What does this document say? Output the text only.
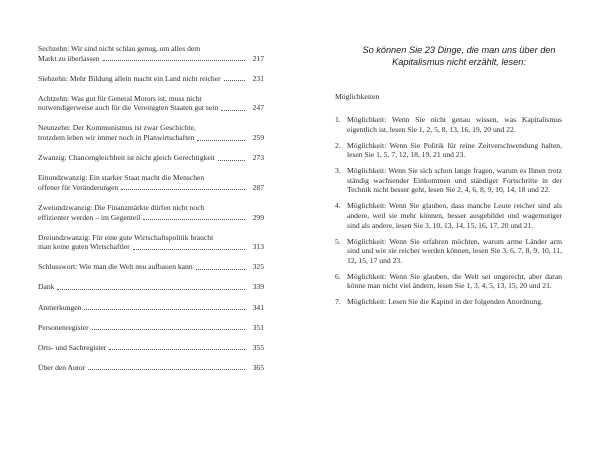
Sechzehn: Wir sind nicht schlau genug, um alles dem
Markt zu überlassen	217
Siebzehn: Mehr Bildung allein macht ein Land nicht reicher	231
Achtzehn: Was gut für General Motors ist, muss nicht
notwendigerweise auch für die Vereinigten Staaten gut sein	247
Neunzehn: Der Kommunismus ist zwar Geschichte,
trotzdem leben wir immer noch in Planwirtschaften	259
Zwanzig: Chancengleichheit ist nicht gleich Gerechtigkeit	273
Einundzwanzig: Ein starker Staat macht die Menschen
offener für Veränderungen	287
Zweiundzwanzig: Die Finanzmärkte dürfen nicht noch
effizienter werden – im Gegenteil	299
Dreiundzwanzig: Für eine gute Wirtschaftspolitik braucht
man keine guten Wirtschaftler	313
Schlusswort: Wie man die Welt neu aufbauen kann	325
Dank	339
Anmerkungen	341
Personenregister	351
Orts- und Sachregister	355
Über den Autor	365
So können Sie 23 Dinge, die man uns über den
Kapitalismus nicht erzählt, lesen:
Möglichkeiten
1. Möglichkeit: Wenn Sie nicht genau wissen, was Kapitalismus eigentlich ist, lesen Sie 1, 2, 5, 8, 13, 16, 19, 20 und 22.
2. Möglichkeit: Wenn Sie Politik für reine Zeitverschwendung halten, lesen Sie 1, 5, 7, 12, 18, 19, 21 und 23.
3. Möglichkeit: Wenn Sie sich schon lange fragen, warum es Ihnen trotz ständig wachsender Einkommen und ständiger Fortschritte in der Technik nicht besser geht, lesen Sie 2, 4, 6, 8, 9, 10, 14, 18 und 22.
4. Möglichkeit: Wenn Sie glauben, dass manche Leute reicher sind als andere, weil sie mehr können, besser ausgebildet und wagemutiger sind als andere, lesen Sie 3, 10, 13, 14, 15, 16, 17, 20 und 21.
5. Möglichkeit: Wenn Sie erfahren möchten, warum arme Länder arm sind und wie sie reicher werden können, lesen Sie 3, 6, 7, 8, 9, 10, 11, 12, 15, 17 und 23.
6. Möglichkeit: Wenn Sie glauben, die Welt sei ungerecht, aber daran könne man nicht viel ändern, lesen Sie 1, 3, 4, 5, 13, 15, 20 und 21.
7. Möglichkeit: Lesen Sie die Kapitel in der folgenden Anordnung.
